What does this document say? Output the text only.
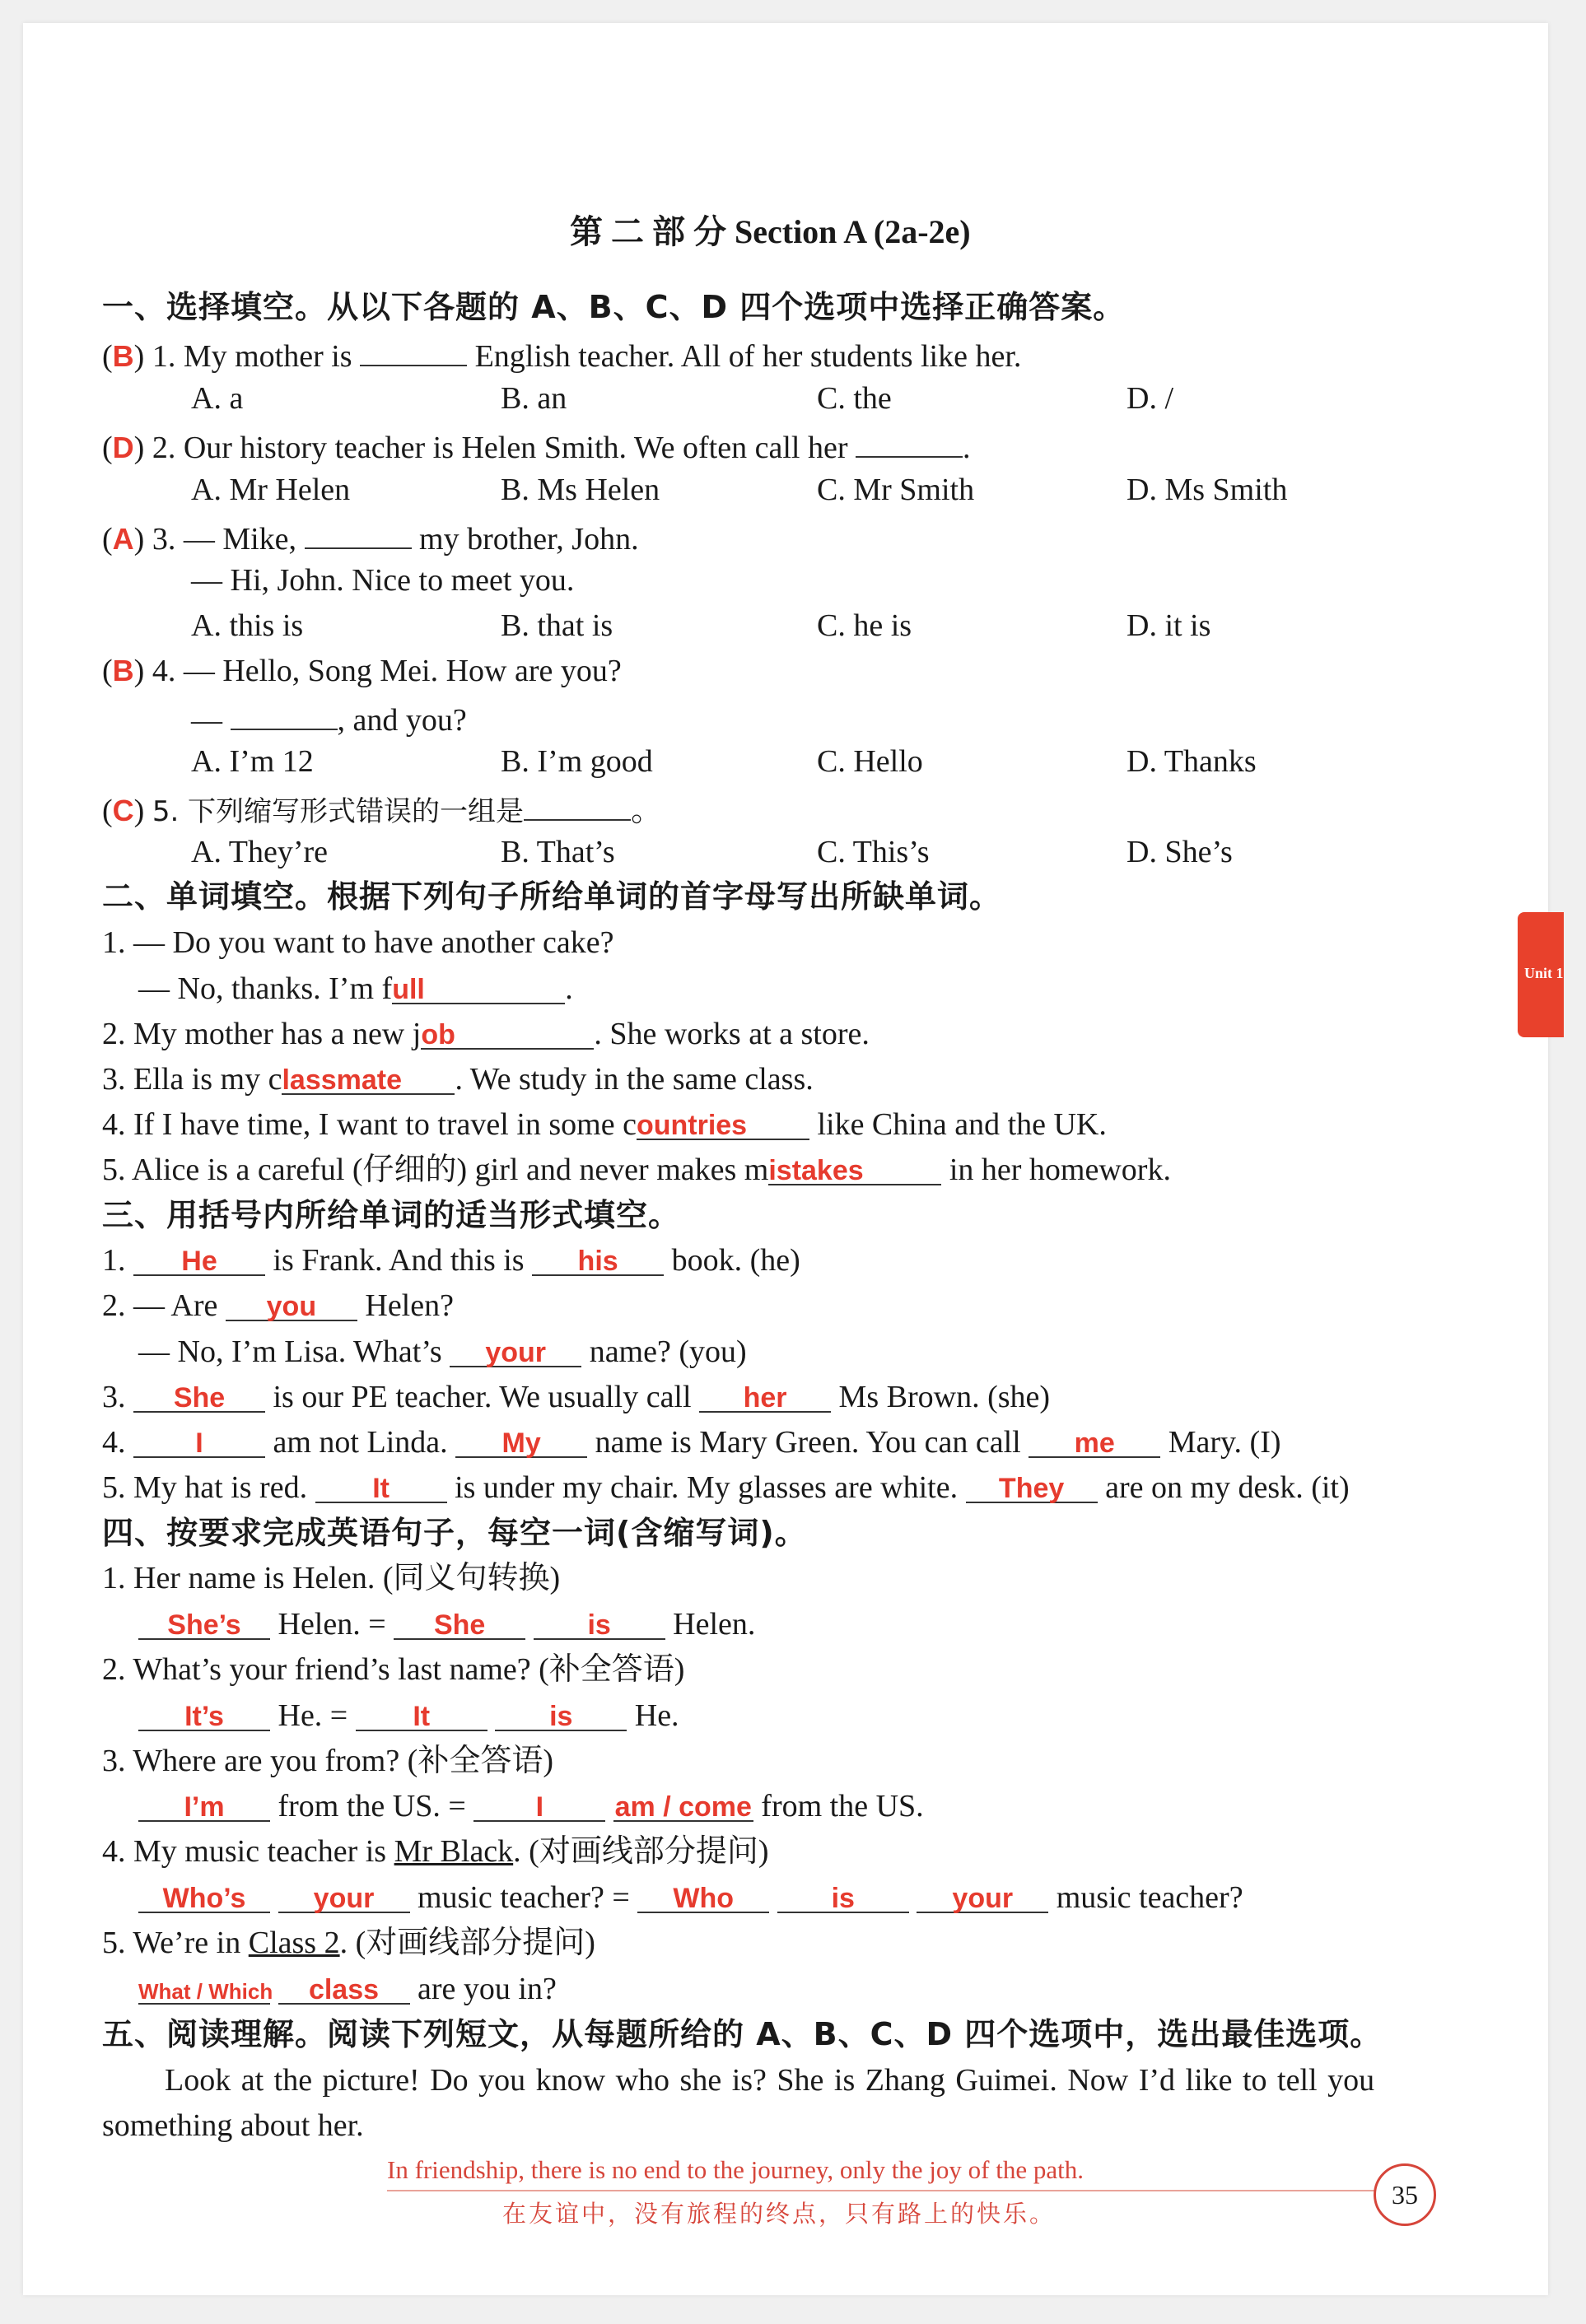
第 二 部 分 Section A (2a-2e)
一、选择填空。从以下各题的 A、B、C、D 四个选项中选择正确答案。
(B) 1. My mother is	English teacher. All of her students like her.
A. a	B. an	C. the	D. /
(D) 2. Our history teacher is Helen Smith. We often call her	.
A. Mr Helen	B. Ms Helen	C. Mr Smith	D. Ms Smith
(A) 3. — Mike,	my brother, John.
— Hi, John. Nice to meet you.
A. this is	B. that is	C. he is	D. it is
(B) 4. — Hello, Song Mei. How are you?
—	, and you?
A. I’m 12	B. I’m good	C. Hello	D. Thanks
(C) 5. 下列缩写形式错误的一组是	。
A. They’re	B. That’s	C. This’s	D. She’s
二、单词填空。根据下列句子所给单词的首字母写出所缺单词。
1. — Do you want to have another cake?
— No, thanks. I’m full	.
2. My mother has a new job	. She works at a store.
3. Ella is my classmate . We study in the same class.
4. If I have time, I want to travel in some countries like China and the UK.
5. Alice is a careful (仔细的) girl and never makes mistakes	in her homework.
三、用括号内所给单词的适当形式填空。
1. He is Frank. And this is his book. (he)
2. — Are you Helen?
— No, I’m Lisa. What’s your name? (you)
3. She is our PE teacher. We usually call her Ms Brown. (she)
4. I am not Linda. My name is Mary Green. You can call me Mary. (I)
5. My hat is red. It is under my chair. My glasses are white. They are on my desk. (it)
四、按要求完成英语句子，每空一词(含缩写词)。
1. Her name is Helen. (同义句转换)
She’s Helen. = She	is Helen.
2. What’s your friend’s last name? (补全答语)
It’s He. = It	is He.
3. Where are you from? (补全答语)
I’m from the US. = I	am / come from the US.
4. My music teacher is Mr Black. (对画线部分提问)
Who’s your music teacher? = Who	is	your music teacher?
5. We’re in Class 2. (对画线部分提问)
What / Which class are you in?
五、阅读理解。阅读下列短文，从每题所给的 A、B、C、D 四个选项中，选出最佳选项。
Look at the picture! Do you know who she is? She is Zhang Guimei. Now I’d like to tell you
something about her.
Unit 1
In friendship, there is no end to the journey, only the joy of the path.
在友谊中，没有旅程的终点，只有路上的快乐。
35
